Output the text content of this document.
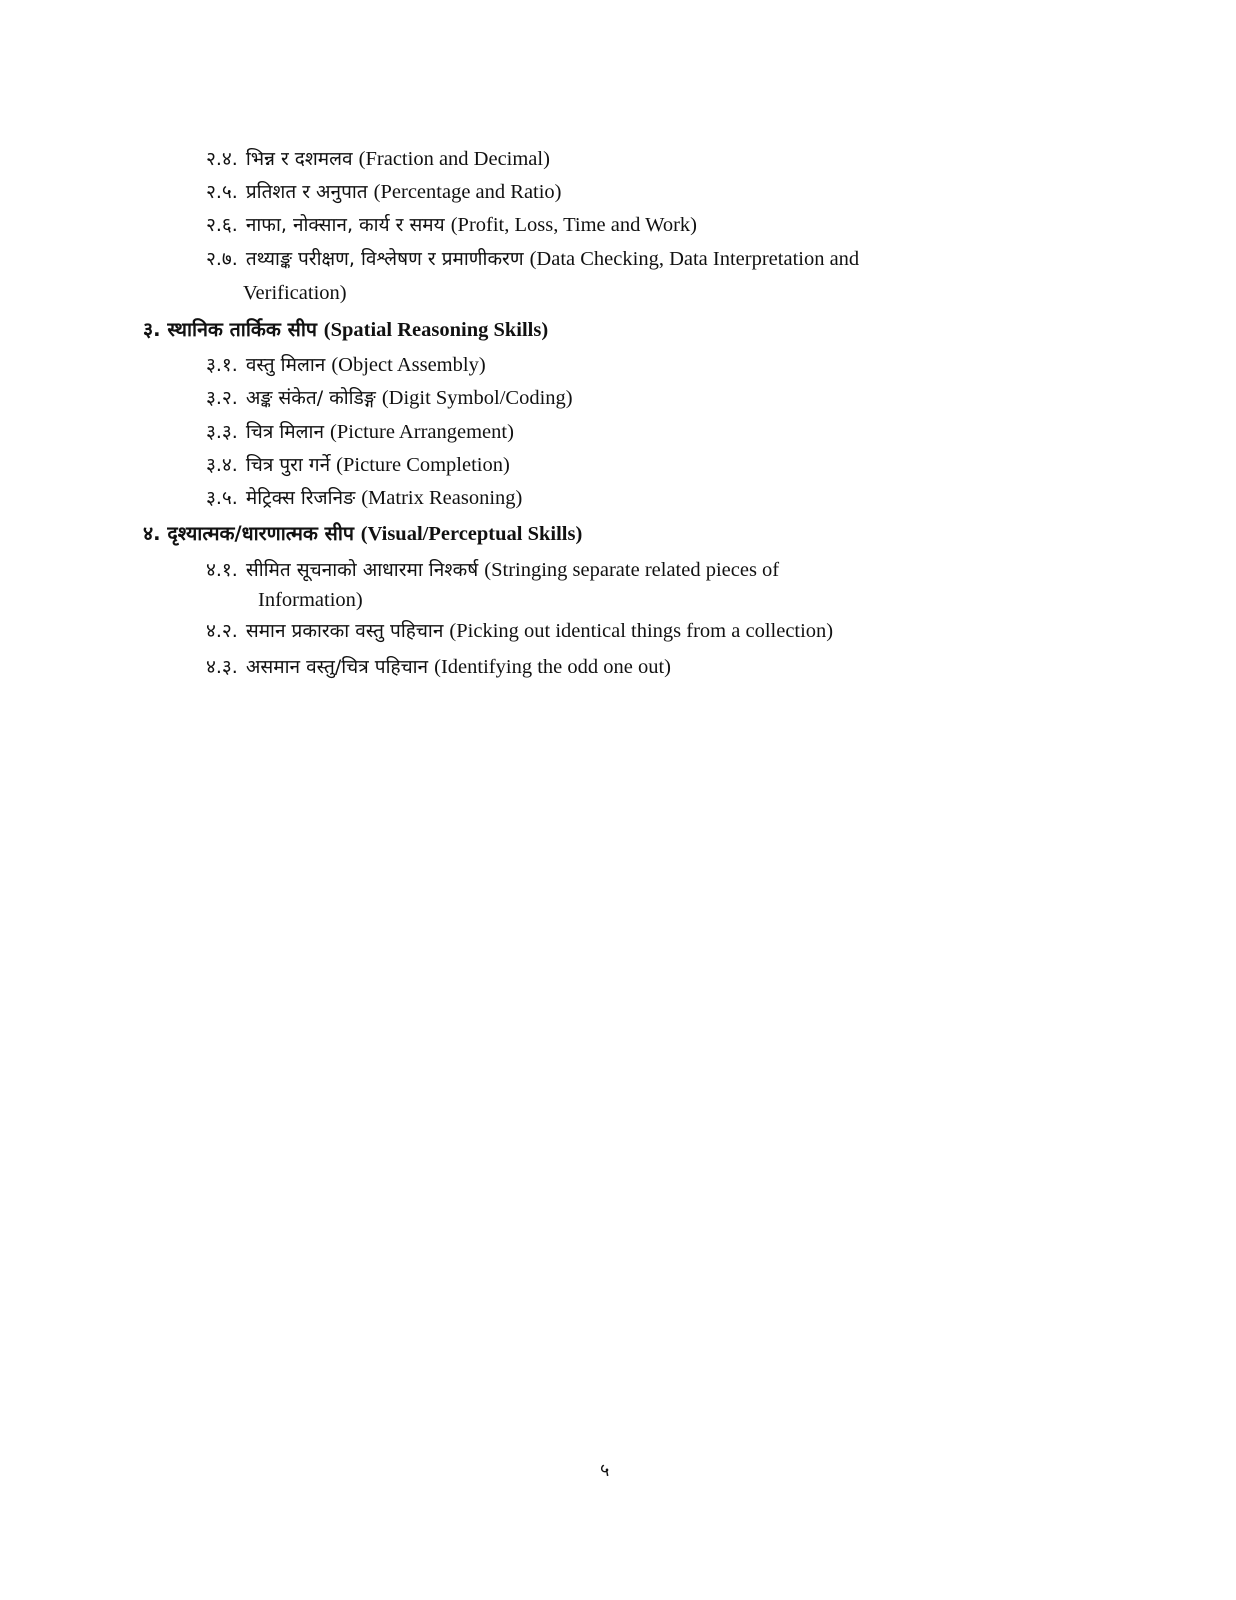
२.४. भिन्न र दशमलव (Fraction and Decimal)
२.५. प्रतिशत र अनुपात (Percentage and Ratio)
२.६. नाफा, नोक्सान, कार्य र समय (Profit, Loss, Time and Work)
२.७. तथ्याङ्क परीक्षण, विश्लेषण र प्रमाणीकरण (Data Checking, Data Interpretation and
Verification)
३. स्थानिक तार्किक सीप (Spatial Reasoning Skills)
३.१. वस्तु मिलान (Object Assembly)
३.२. अङ्क संकेत/ कोडिङ्ग (Digit Symbol/Coding)
३.३. चित्र मिलान (Picture Arrangement)
३.४. चित्र पुरा गर्ने (Picture Completion)
३.५. मेट्रिक्स रिजनिङ (Matrix Reasoning)
४. दृश्यात्मक/धारणात्मक सीप (Visual/Perceptual Skills)
४.१. सीमित सूचनाको आधारमा निश्कर्ष (Stringing separate related pieces of
Information)
४.२. समान प्रकारका वस्तु पहिचान (Picking out identical things from a collection)
४.३. असमान वस्तु/चित्र पहिचान (Identifying the odd one out)
५
